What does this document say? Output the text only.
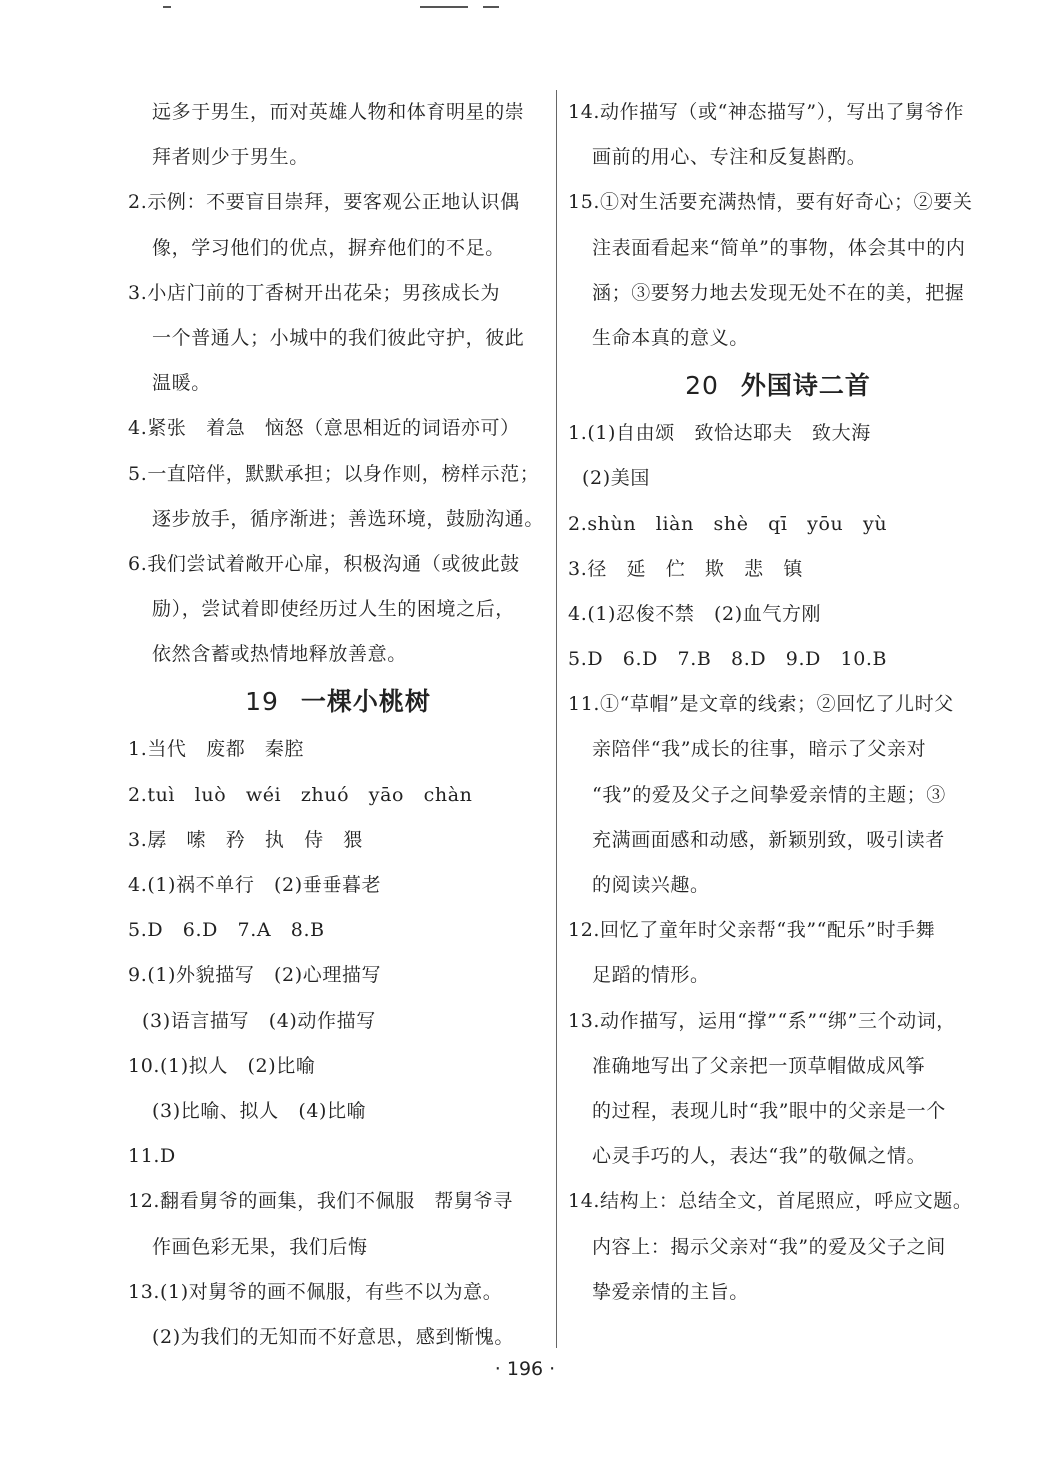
远多于男生，而对英雄人物和体育明星的崇
拜者则少于男生。
2.示例：不要盲目崇拜，要客观公正地认识偶
像，学习他们的优点，摒弃他们的不足。
3.小店门前的丁香树开出花朵；男孩成长为
一个普通人；小城中的我们彼此守护，彼此
温暖。
4.紧张　着急　恼怒（意思相近的词语亦可）
5.一直陪伴，默默承担；以身作则，榜样示范；
逐步放手，循序渐进；善选环境，鼓励沟通。
6.我们尝试着敞开心扉，积极沟通（或彼此鼓
励），尝试着即使经历过人生的困境之后，
依然含蓄或热情地释放善意。
19 一棵小桃树
1.当代　废都　秦腔
2.tuì　luò　wéi　zhuó　yāo　chàn
3.孱　嗦　矜　执　侍　猥
4.(1)祸不单行　(2)垂垂暮老
5.D　6.D　7.A　8.B
9.(1)外貌描写　(2)心理描写
(3)语言描写　(4)动作描写
10.(1)拟人　(2)比喻
(3)比喻、拟人　(4)比喻
11.D
12.翻看舅爷的画集，我们不佩服　帮舅爷寻
作画色彩无果，我们后悔
13.(1)对舅爷的画不佩服，有些不以为意。
(2)为我们的无知而不好意思，感到惭愧。
14.动作描写（或“神态描写”），写出了舅爷作
画前的用心、专注和反复斟酌。
15.①对生活要充满热情，要有好奇心；②要关
注表面看起来“简单”的事物，体会其中的内
涵；③要努力地去发现无处不在的美，把握
生命本真的意义。
20 外国诗二首
1.(1)自由颂　致恰达耶夫　致大海
(2)美国
2.shùn　liàn　shè　qī　yōu　yù
3.径　延　伫　欺　悲　镇
4.(1)忍俊不禁　(2)血气方刚
5.D　6.D　7.B　8.D　9.D　10.B
11.①“草帽”是文章的线索；②回忆了儿时父
亲陪伴“我”成长的往事，暗示了父亲对
“我”的爱及父子之间挚爱亲情的主题；③
充满画面感和动感，新颖别致，吸引读者
的阅读兴趣。
12.回忆了童年时父亲帮“我”“配乐”时手舞
足蹈的情形。
13.动作描写，运用“撑”“系”“绑”三个动词，
准确地写出了父亲把一顶草帽做成风筝
的过程，表现儿时“我”眼中的父亲是一个
心灵手巧的人，表达“我”的敬佩之情。
14.结构上：总结全文，首尾照应，呼应文题。
内容上：揭示父亲对“我”的爱及父子之间
挚爱亲情的主旨。
· 196 ·
